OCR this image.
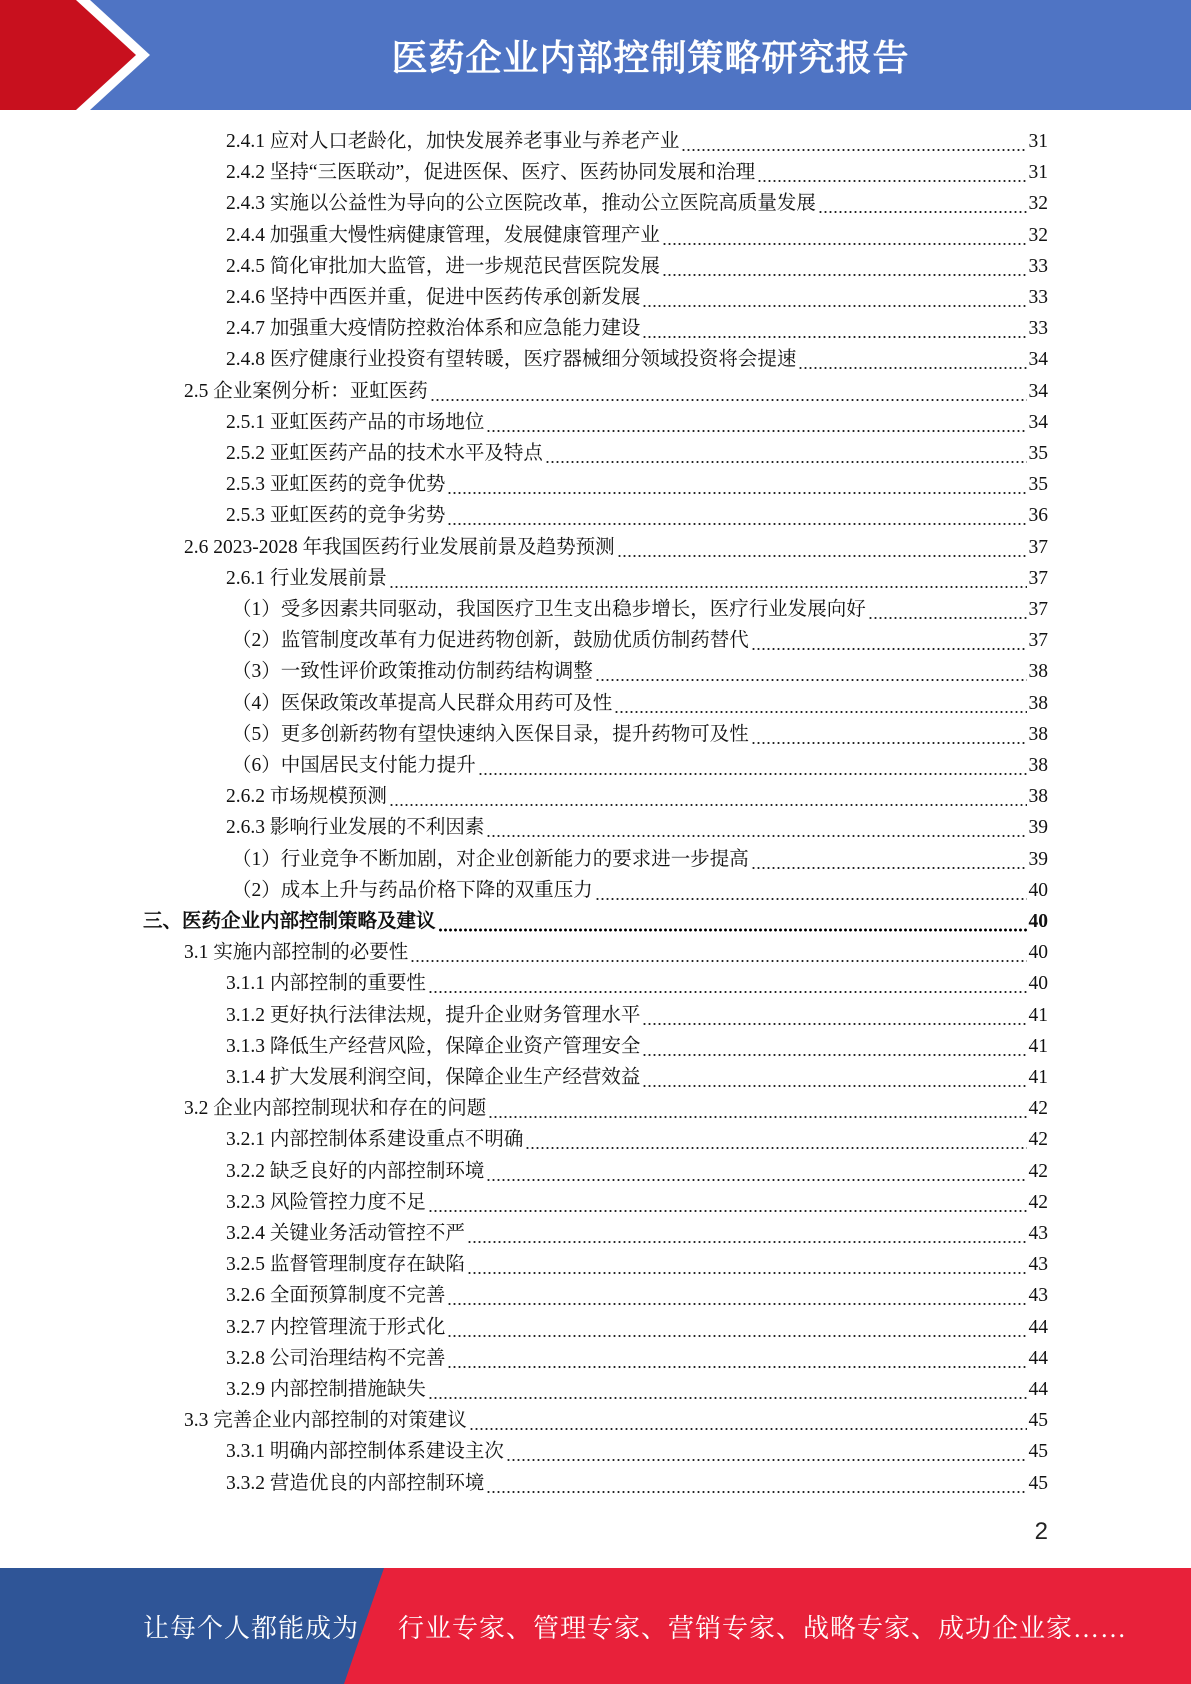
医药企业内部控制策略研究报告
2.4.1 应对人口老龄化，加快发展养老事业与养老产业	31
2.4.2 坚持“三医联动”，促进医保、医疗、医药协同发展和治理	31
2.4.3 实施以公益性为导向的公立医院改革，推动公立医院高质量发展	32
2.4.4 加强重大慢性病健康管理，发展健康管理产业	32
2.4.5 简化审批加大监管，进一步规范民营医院发展	33
2.4.6 坚持中西医并重，促进中医药传承创新发展	33
2.4.7 加强重大疫情防控救治体系和应急能力建设	33
2.4.8 医疗健康行业投资有望转暖，医疗器械细分领域投资将会提速	34
2.5 企业案例分析：亚虹医药	34
2.5.1 亚虹医药产品的市场地位	34
2.5.2 亚虹医药产品的技术水平及特点	35
2.5.3 亚虹医药的竞争优势	35
2.5.3 亚虹医药的竞争劣势	36
2.6 2023-2028 年我国医药行业发展前景及趋势预测	37
2.6.1 行业发展前景	37
（1）受多因素共同驱动，我国医疗卫生支出稳步增长，医疗行业发展向好	37
（2）监管制度改革有力促进药物创新，鼓励优质仿制药替代	37
（3）一致性评价政策推动仿制药结构调整	38
（4）医保政策改革提高人民群众用药可及性	38
（5）更多创新药物有望快速纳入医保目录，提升药物可及性	38
（6）中国居民支付能力提升	38
2.6.2 市场规模预测	38
2.6.3 影响行业发展的不利因素	39
（1）行业竞争不断加剧，对企业创新能力的要求进一步提高	39
（2）成本上升与药品价格下降的双重压力	40
三、医药企业内部控制策略及建议	40
3.1 实施内部控制的必要性	40
3.1.1 内部控制的重要性	40
3.1.2 更好执行法律法规，提升企业财务管理水平	41
3.1.3 降低生产经营风险，保障企业资产管理安全	41
3.1.4 扩大发展利润空间，保障企业生产经营效益	41
3.2 企业内部控制现状和存在的问题	42
3.2.1 内部控制体系建设重点不明确	42
3.2.2 缺乏良好的内部控制环境	42
3.2.3 风险管控力度不足	42
3.2.4 关键业务活动管控不严	43
3.2.5 监督管理制度存在缺陷	43
3.2.6 全面预算制度不完善	43
3.2.7 内控管理流于形式化	44
3.2.8 公司治理结构不完善	44
3.2.9 内部控制措施缺失	44
3.3 完善企业内部控制的对策建议	45
3.3.1 明确内部控制体系建设主次	45
3.3.2 营造优良的内部控制环境	45
2
让每个人都能成为 行业专家、管理专家、营销专家、战略专家、成功企业家……
